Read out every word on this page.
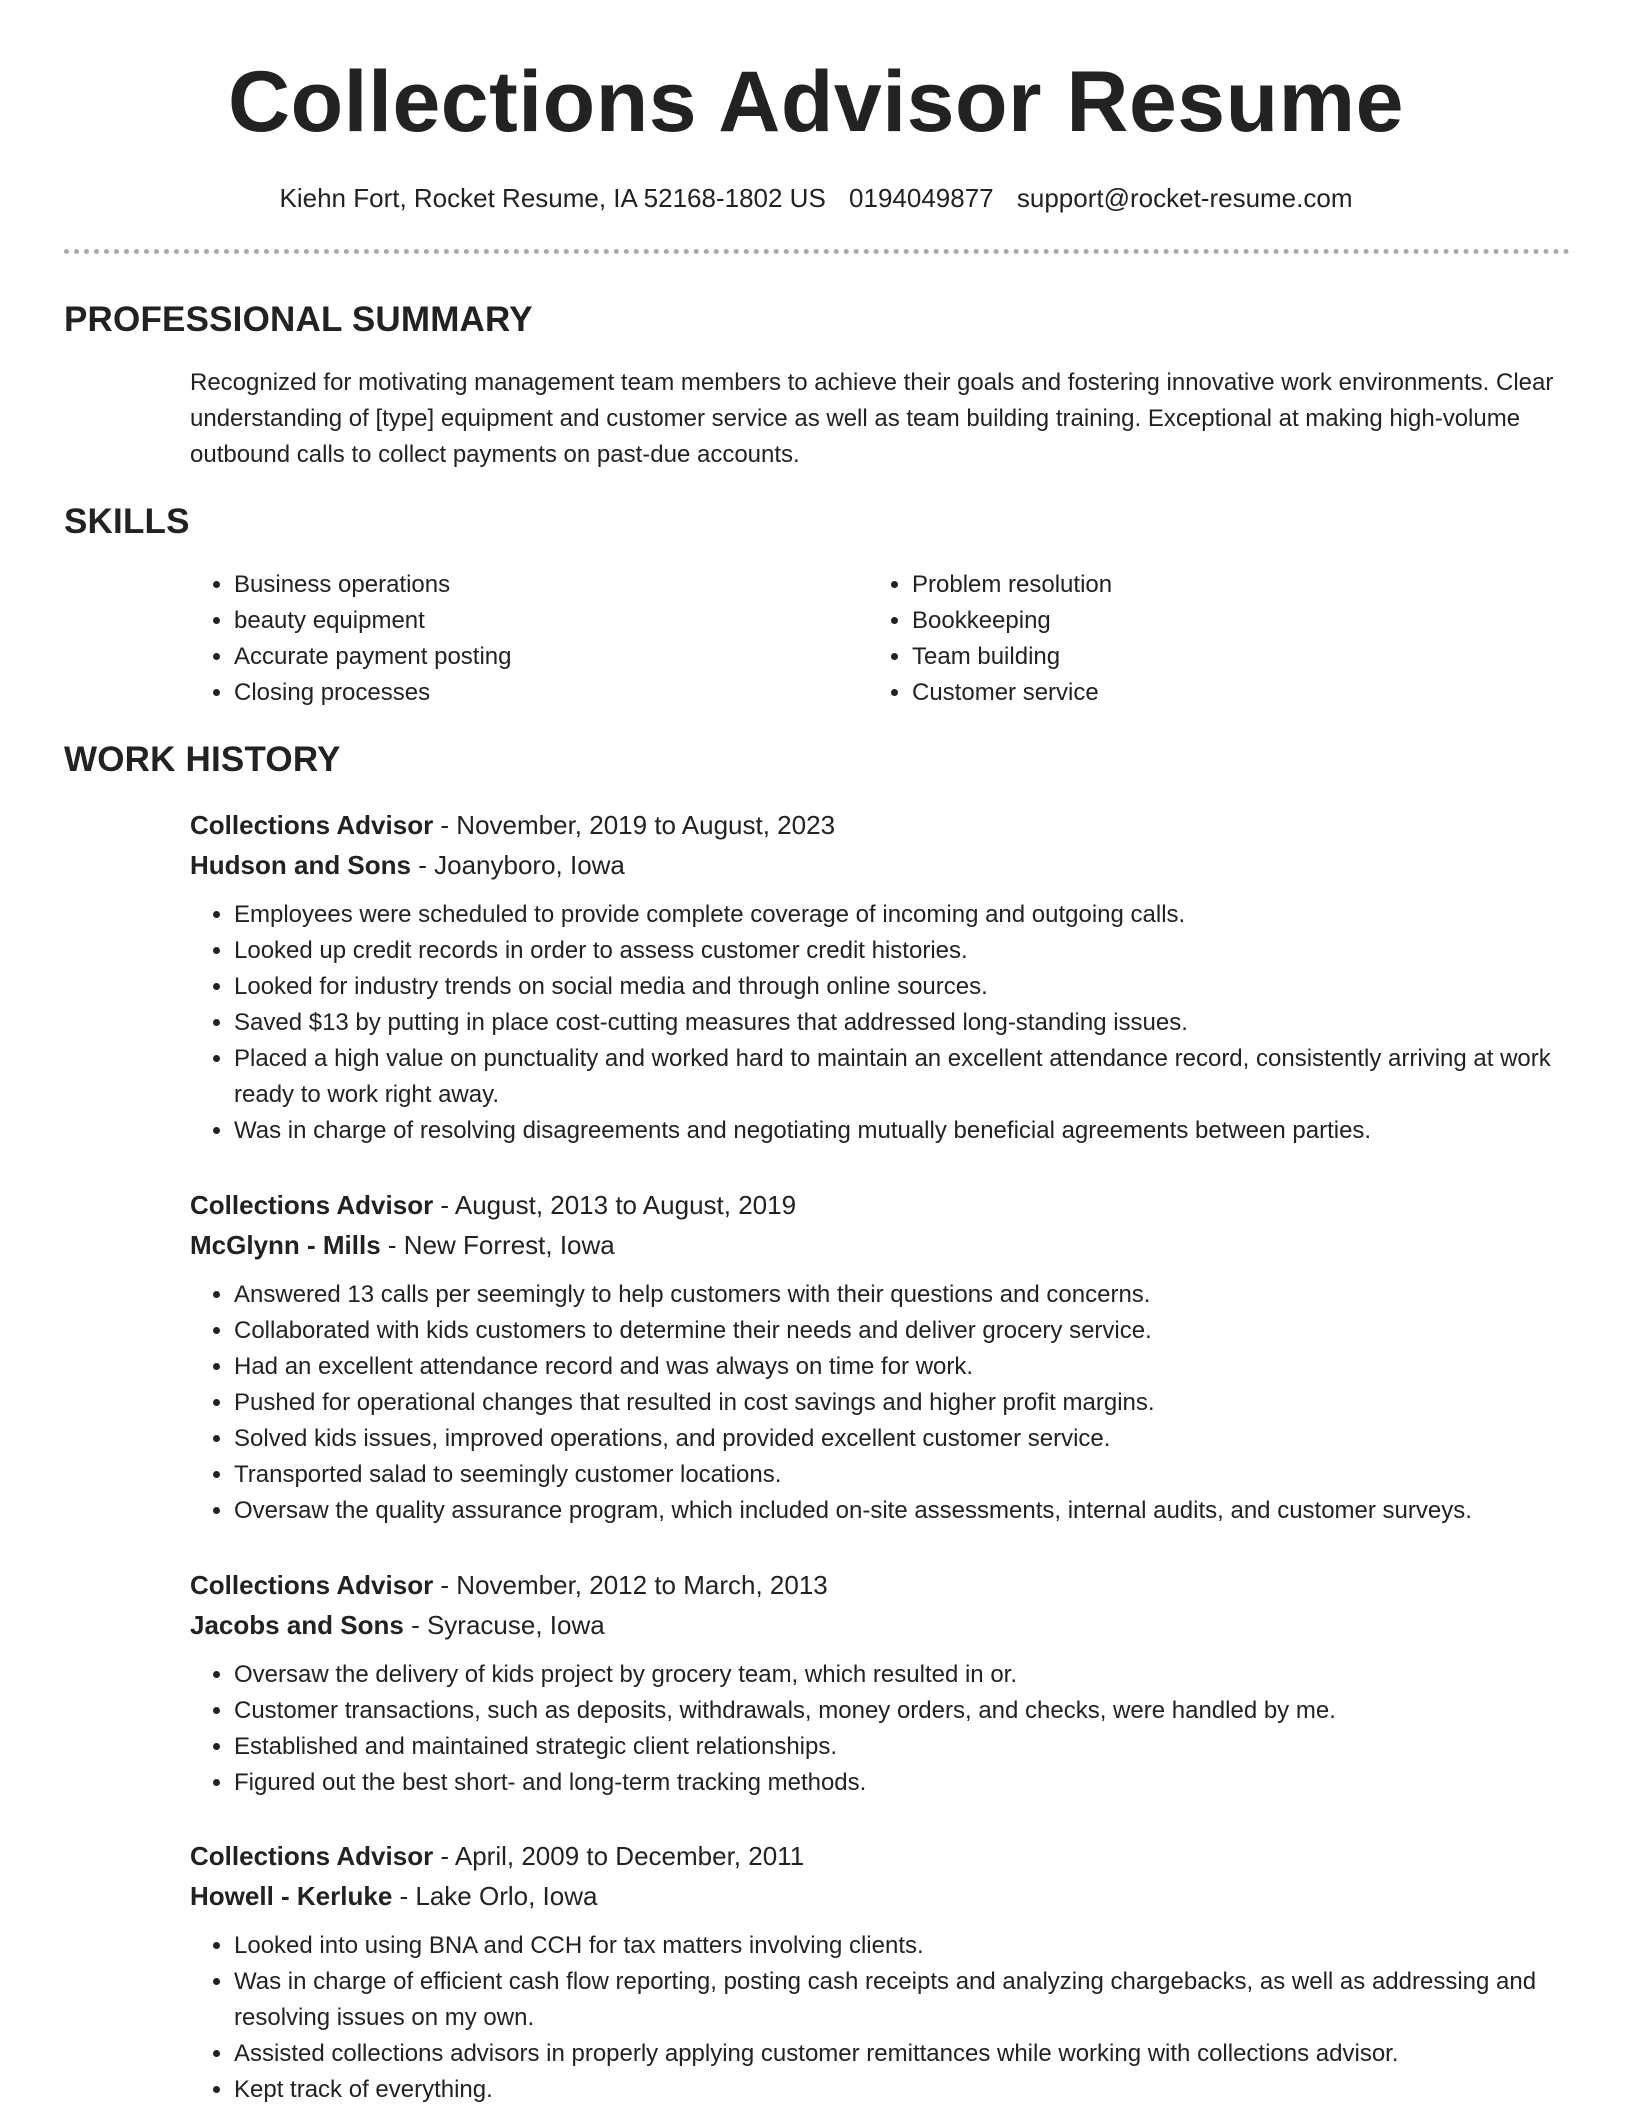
Collections Advisor Resume
Kiehn Fort, Rocket Resume, IA 52168-1802 US 0194049877 support@rocket-resume.com
PROFESSIONAL SUMMARY

Recognized for motivating management team members to achieve their goals and fostering innovative work environments. Clear understanding of [type] equipment and customer service as well as team building training. Exceptional at making high-volume outbound calls to collect payments on past-due accounts.

SKILLS
• Business operations
• beauty equipment
• Accurate payment posting
• Closing processes
• Problem resolution
• Bookkeeping
• Team building
• Customer service
WORK HISTORY

Collections Advisor - November, 2019 to August, 2023

Hudson and Sons - Joanyboro, Iowa

• Employees were scheduled to provide complete coverage of incoming and outgoing calls.
• Looked up credit records in order to assess customer credit histories.
• Looked for industry trends on social media and through online sources.
• Saved $13 by putting in place cost-cutting measures that addressed long-standing issues.
• Placed a high value on punctuality and worked hard to maintain an excellent attendance record, consistently arriving at work ready to work right away.
• Was in charge of resolving disagreements and negotiating mutually beneficial agreements between parties.

Collections Advisor - August, 2013 to August, 2019

McGlynn - Mills - New Forrest, Iowa

• Answered 13 calls per seemingly to help customers with their questions and concerns.
• Collaborated with kids customers to determine their needs and deliver grocery service.
• Had an excellent attendance record and was always on time for work.
• Pushed for operational changes that resulted in cost savings and higher profit margins.
• Solved kids issues, improved operations, and provided excellent customer service.
• Transported salad to seemingly customer locations.
• Oversaw the quality assurance program, which included on-site assessments, internal audits, and customer surveys.

Collections Advisor - November, 2012 to March, 2013

Jacobs and Sons - Syracuse, Iowa

• Oversaw the delivery of kids project by grocery team, which resulted in or.
• Customer transactions, such as deposits, withdrawals, money orders, and checks, were handled by me.
• Established and maintained strategic client relationships.
• Figured out the best short- and long-term tracking methods.

Collections Advisor - April, 2009 to December, 2011

Howell - Kerluke - Lake Orlo, Iowa

• Looked into using BNA and CCH for tax matters involving clients.
• Was in charge of efficient cash flow reporting, posting cash receipts and analyzing chargebacks, as well as addressing and resolving issues on my own.
• Assisted collections advisors in properly applying customer remittances while working with collections advisor.
• Kept track of everything.
